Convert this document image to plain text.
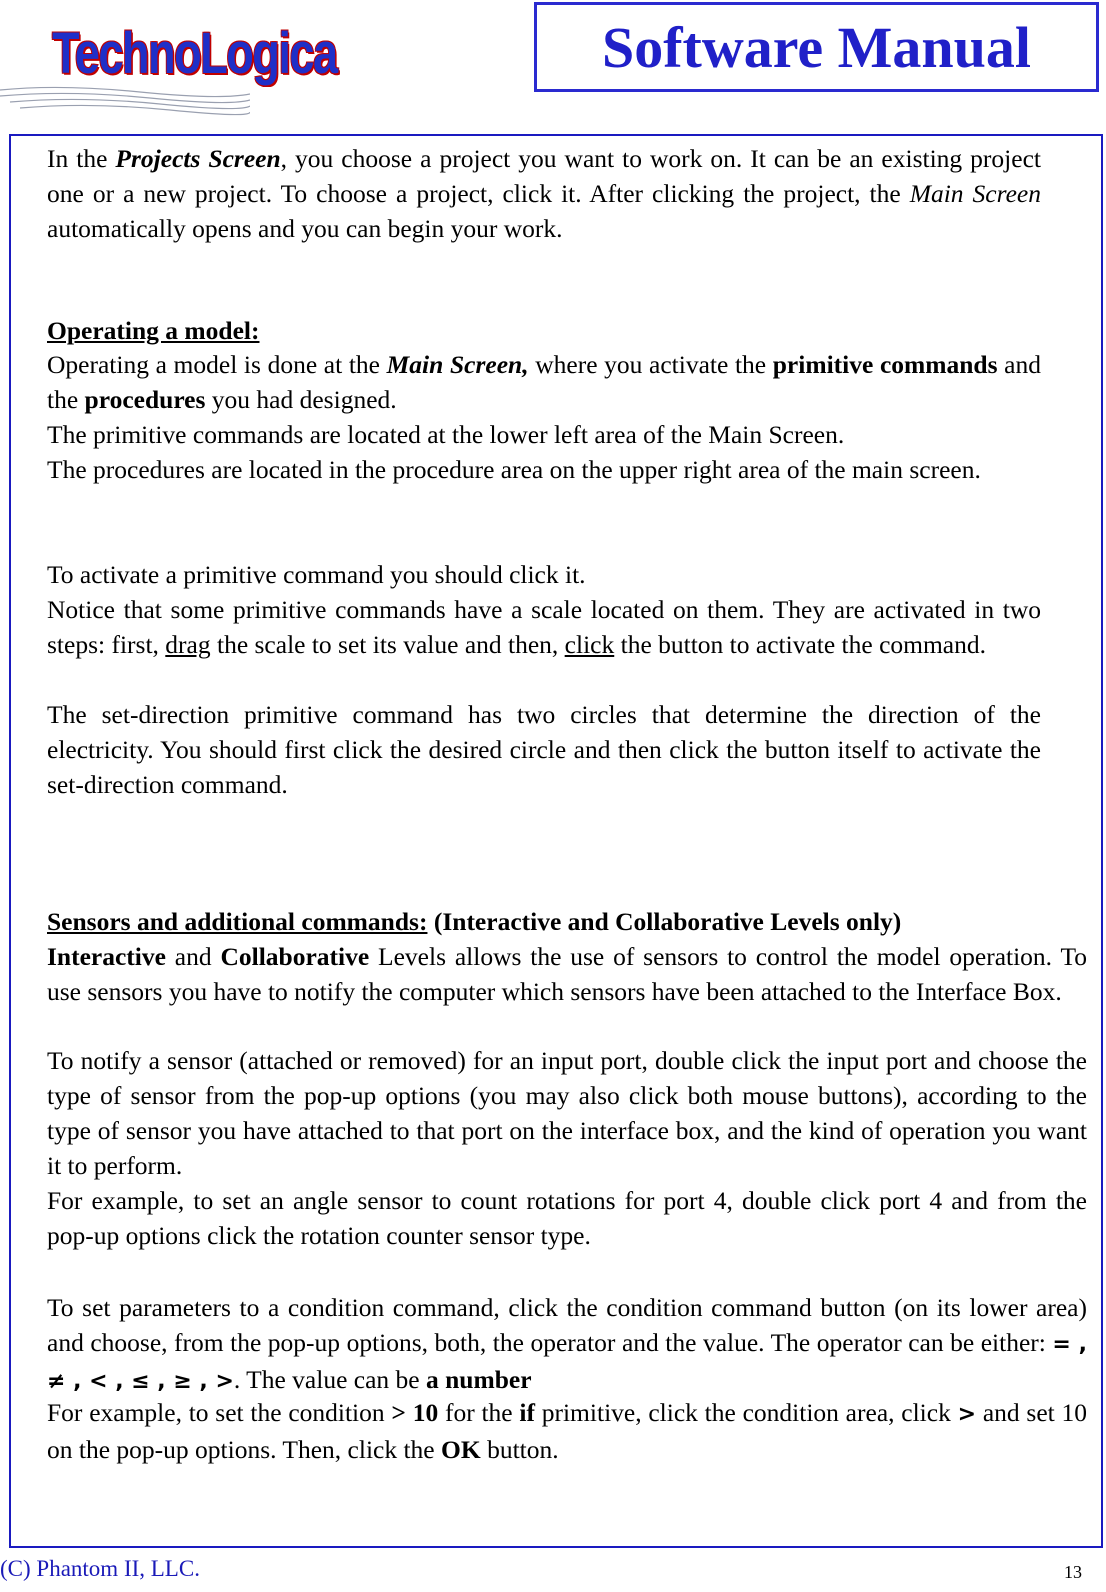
TechnoLogica	Software Manual

In the Projects Screen, you choose a project you want to work on. It can be an existing project one or a new project. To choose a project, click it. After clicking the project, the Main Screen automatically opens and you can begin your work.

Operating a model:

Operating a model is done at the Main Screen, where you activate the primitive commands and the procedures you had designed.

The primitive commands are located at the lower left area of the Main Screen.

The procedures are located in the procedure area on the upper right area of the main screen.

To activate a primitive command you should click it.

Notice that some primitive commands have a scale located on them. They are activated in two steps: first, drag the scale to set its value and then, click the button to activate the command.

The set-direction primitive command has two circles that determine the direction of the electricity. You should first click the desired circle and then click the button itself to activate the set-direction command.

Sensors and additional commands: (Interactive and Collaborative Levels only)

Interactive and Collaborative Levels allows the use of sensors to control the model operation. To use sensors you have to notify the computer which sensors have been attached to the Interface Box.

To notify a sensor (attached or removed) for an input port, double click the input port and choose the type of sensor from the pop-up options (you may also click both mouse buttons), according to the type of sensor you have attached to that port on the interface box, and the kind of operation you want it to perform.

For example, to set an angle sensor to count rotations for port 4, double click port 4 and from the pop-up options click the rotation counter sensor type.

To set parameters to a condition command, click the condition command button (on its lower area) and choose, from the pop-up options, both, the operator and the value. The operator can be either: = , ≠ , < , ≤ , ≥ , >. The value can be a number

For example, to set the condition > 10 for the if primitive, click the condition area, click > and set 10 on the pop-up options. Then, click the OK button.

(C) Phantom II, LLC.	13
